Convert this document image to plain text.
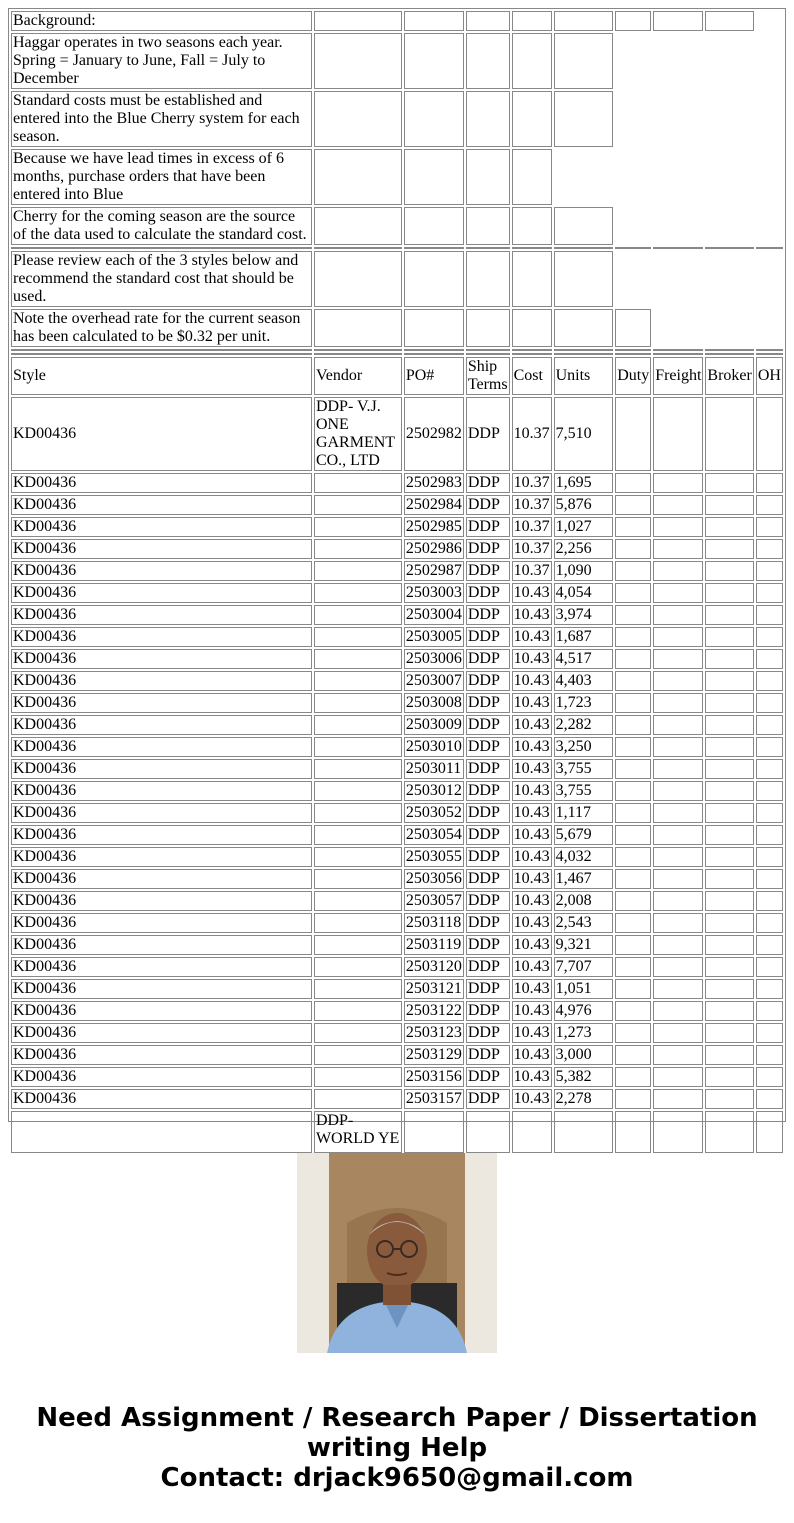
Background:									
Haggar operates in two seasons each year. Spring = January to June, Fall = July to December									
Standard costs must be established and entered into the Blue Cherry system for each season.									
Because we have lead times in excess of 6 months, purchase orders that have been entered into Blue									
Cherry for the coming season are the source of the data used to calculate the standard cost.									

Please review each of the 3 styles below and recommend the standard cost that should be used.									
Note the overhead rate for the current season has been calculated to be $0.32 per unit.									

Style	Vendor	PO#	Ship Terms	Cost	Units	Duty	Freight	Broker	OH
KD00436	DDP- V.J. ONE GARMENT CO., LTD	2502982	DDP	10.37	7,510				
KD00436		2502983	DDP	10.37	1,695				
KD00436		2502984	DDP	10.37	5,876				
KD00436		2502985	DDP	10.37	1,027				
KD00436		2502986	DDP	10.37	2,256				
KD00436		2502987	DDP	10.37	1,090				
KD00436		2503003	DDP	10.43	4,054				
KD00436		2503004	DDP	10.43	3,974				
KD00436		2503005	DDP	10.43	1,687				
KD00436		2503006	DDP	10.43	4,517				
KD00436		2503007	DDP	10.43	4,403				
KD00436		2503008	DDP	10.43	1,723				
KD00436		2503009	DDP	10.43	2,282				
KD00436		2503010	DDP	10.43	3,250				
KD00436		2503011	DDP	10.43	3,755				
KD00436		2503012	DDP	10.43	3,755				
KD00436		2503052	DDP	10.43	1,117				
KD00436		2503054	DDP	10.43	5,679				
KD00436		2503055	DDP	10.43	4,032				
KD00436		2503056	DDP	10.43	1,467				
KD00436		2503057	DDP	10.43	2,008				
KD00436		2503118	DDP	10.43	2,543				
KD00436		2503119	DDP	10.43	9,321				
KD00436		2503120	DDP	10.43	7,707				
KD00436		2503121	DDP	10.43	1,051				
KD00436		2503122	DDP	10.43	4,976				
KD00436		2503123	DDP	10.43	1,273				
KD00436		2503129	DDP	10.43	3,000				
KD00436		2503156	DDP	10.43	5,382				
KD00436		2503157	DDP	10.43	2,278				
	DDP- WORLD YE								
Need Assignment / Research Paper / Dissertation
writing Help
Contact: drjack9650@gmail.com
